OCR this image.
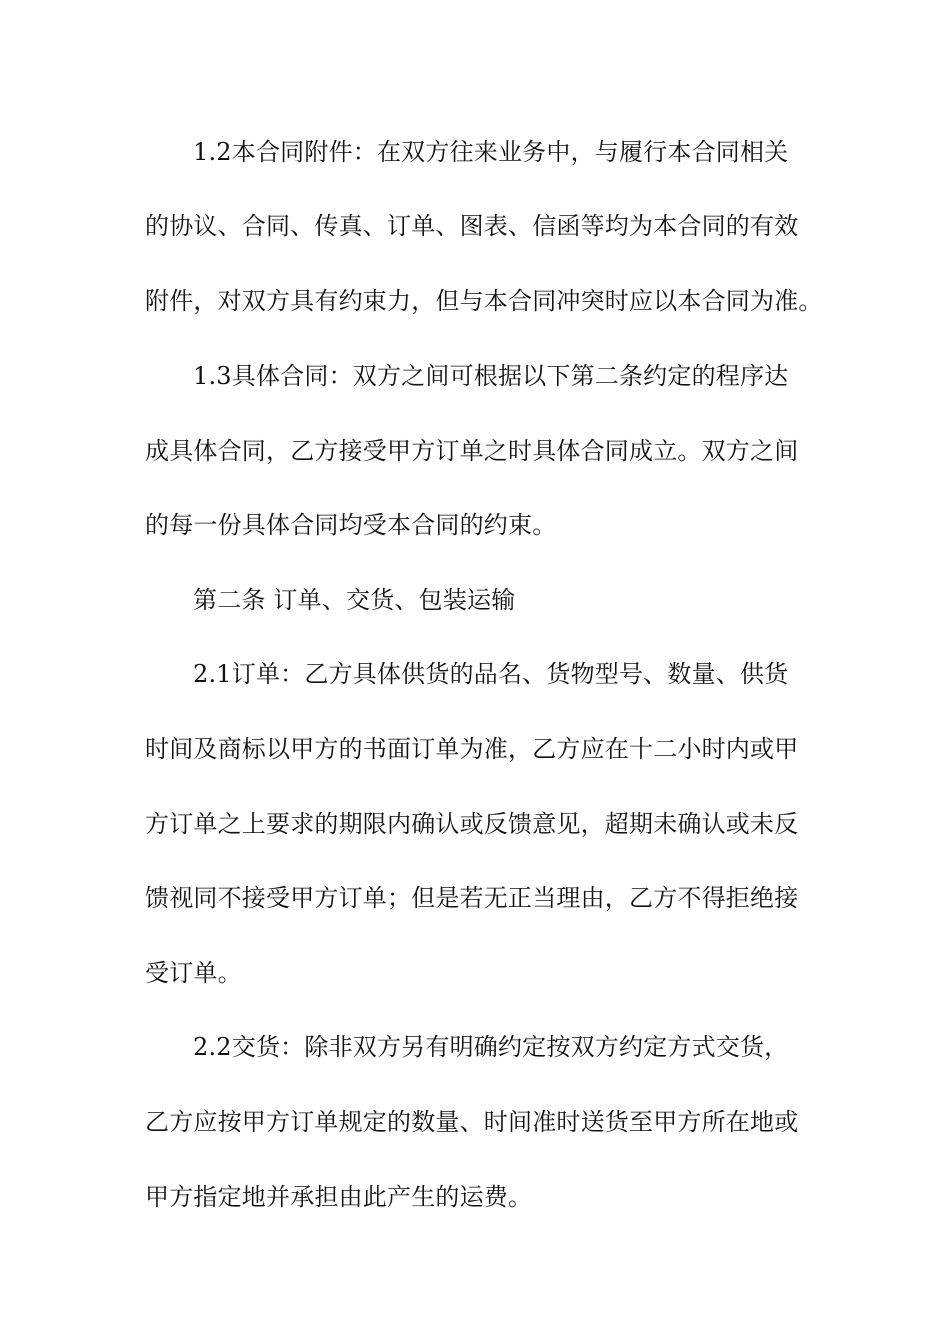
1.2本合同附件：在双方往来业务中，与履行本合同相关
的协议、合同、传真、订单、图表、信函等均为本合同的有效
附件，对双方具有约束力，但与本合同冲突时应以本合同为准。
1.3具体合同：双方之间可根据以下第二条约定的程序达
成具体合同，乙方接受甲方订单之时具体合同成立。双方之间
的每一份具体合同均受本合同的约束。
第二条 订单、交货、包装运输
2.1订单：乙方具体供货的品名、货物型号、数量、供货
时间及商标以甲方的书面订单为准，乙方应在十二小时内或甲
方订单之上要求的期限内确认或反馈意见，超期未确认或未反
馈视同不接受甲方订单；但是若无正当理由，乙方不得拒绝接
受订单。
2.2交货：除非双方另有明确约定按双方约定方式交货，
乙方应按甲方订单规定的数量、时间准时送货至甲方所在地或
甲方指定地并承担由此产生的运费。
